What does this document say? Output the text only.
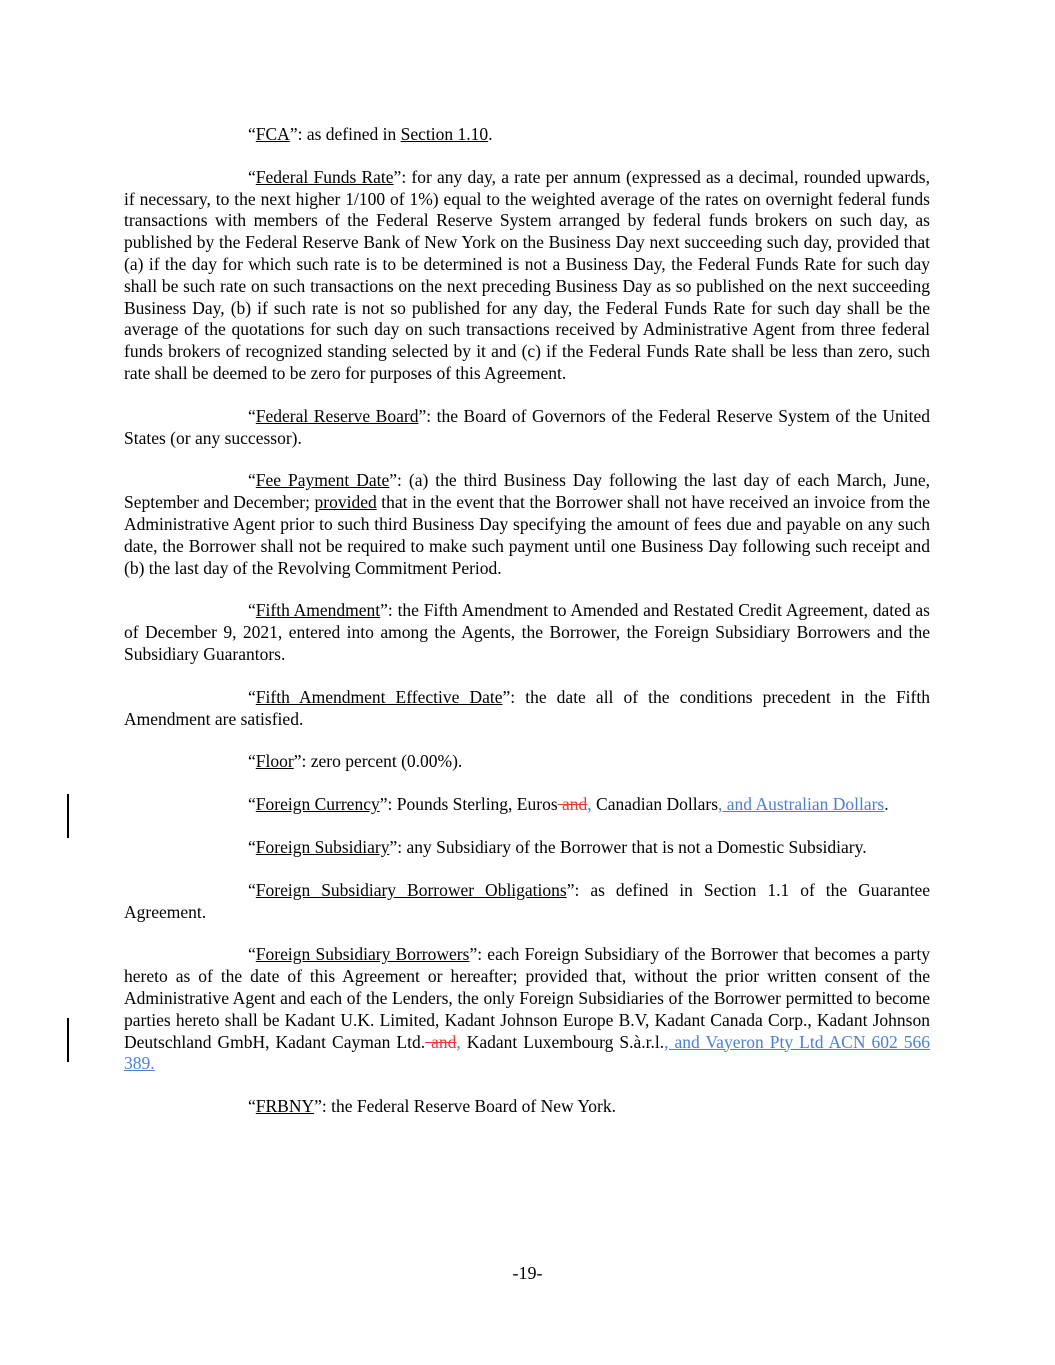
“FCA”: as defined in Section 1.10.

“Federal Funds Rate”: for any day, a rate per annum (expressed as a decimal, rounded upwards, if necessary, to the next higher 1/100 of 1%) equal to the weighted average of the rates on overnight federal funds transactions with members of the Federal Reserve System arranged by federal funds brokers on such day, as published by the Federal Reserve Bank of New York on the Business Day next succeeding such day, provided that (a) if the day for which such rate is to be determined is not a Business Day, the Federal Funds Rate for such day shall be such rate on such transactions on the next preceding Business Day as so published on the next succeeding Business Day, (b) if such rate is not so published for any day, the Federal Funds Rate for such day shall be the average of the quotations for such day on such transactions received by Administrative Agent from three federal funds brokers of recognized standing selected by it and (c) if the Federal Funds Rate shall be less than zero, such rate shall be deemed to be zero for purposes of this Agreement.

“Federal Reserve Board”: the Board of Governors of the Federal Reserve System of the United States (or any successor).

“Fee Payment Date”: (a) the third Business Day following the last day of each March, June, September and December; provided that in the event that the Borrower shall not have received an invoice from the Administrative Agent prior to such third Business Day specifying the amount of fees due and payable on any such date, the Borrower shall not be required to make such payment until one Business Day following such receipt and (b) the last day of the Revolving Commitment Period.

“Fifth Amendment”: the Fifth Amendment to Amended and Restated Credit Agreement, dated as of December 9, 2021, entered into among the Agents, the Borrower, the Foreign Subsidiary Borrowers and the Subsidiary Guarantors.

“Fifth Amendment Effective Date”: the date all of the conditions precedent in the Fifth Amendment are satisfied.

“Floor”: zero percent (0.00%).

“Foreign Currency”: Pounds Sterling, Euros and, Canadian Dollars, and Australian Dollars.

“Foreign Subsidiary”: any Subsidiary of the Borrower that is not a Domestic Subsidiary.

“Foreign Subsidiary Borrower Obligations”: as defined in Section 1.1 of the Guarantee Agreement.

“Foreign Subsidiary Borrowers”: each Foreign Subsidiary of the Borrower that becomes a party hereto as of the date of this Agreement or hereafter; provided that, without the prior written consent of the Administrative Agent and each of the Lenders, the only Foreign Subsidiaries of the Borrower permitted to become parties hereto shall be Kadant U.K. Limited, Kadant Johnson Europe B.V, Kadant Canada Corp., Kadant Johnson Deutschland GmbH, Kadant Cayman Ltd. and, Kadant Luxembourg S.à.r.l., and Vayeron Pty Ltd ACN 602 566 389.

“FRBNY”: the Federal Reserve Board of New York.

-19-
